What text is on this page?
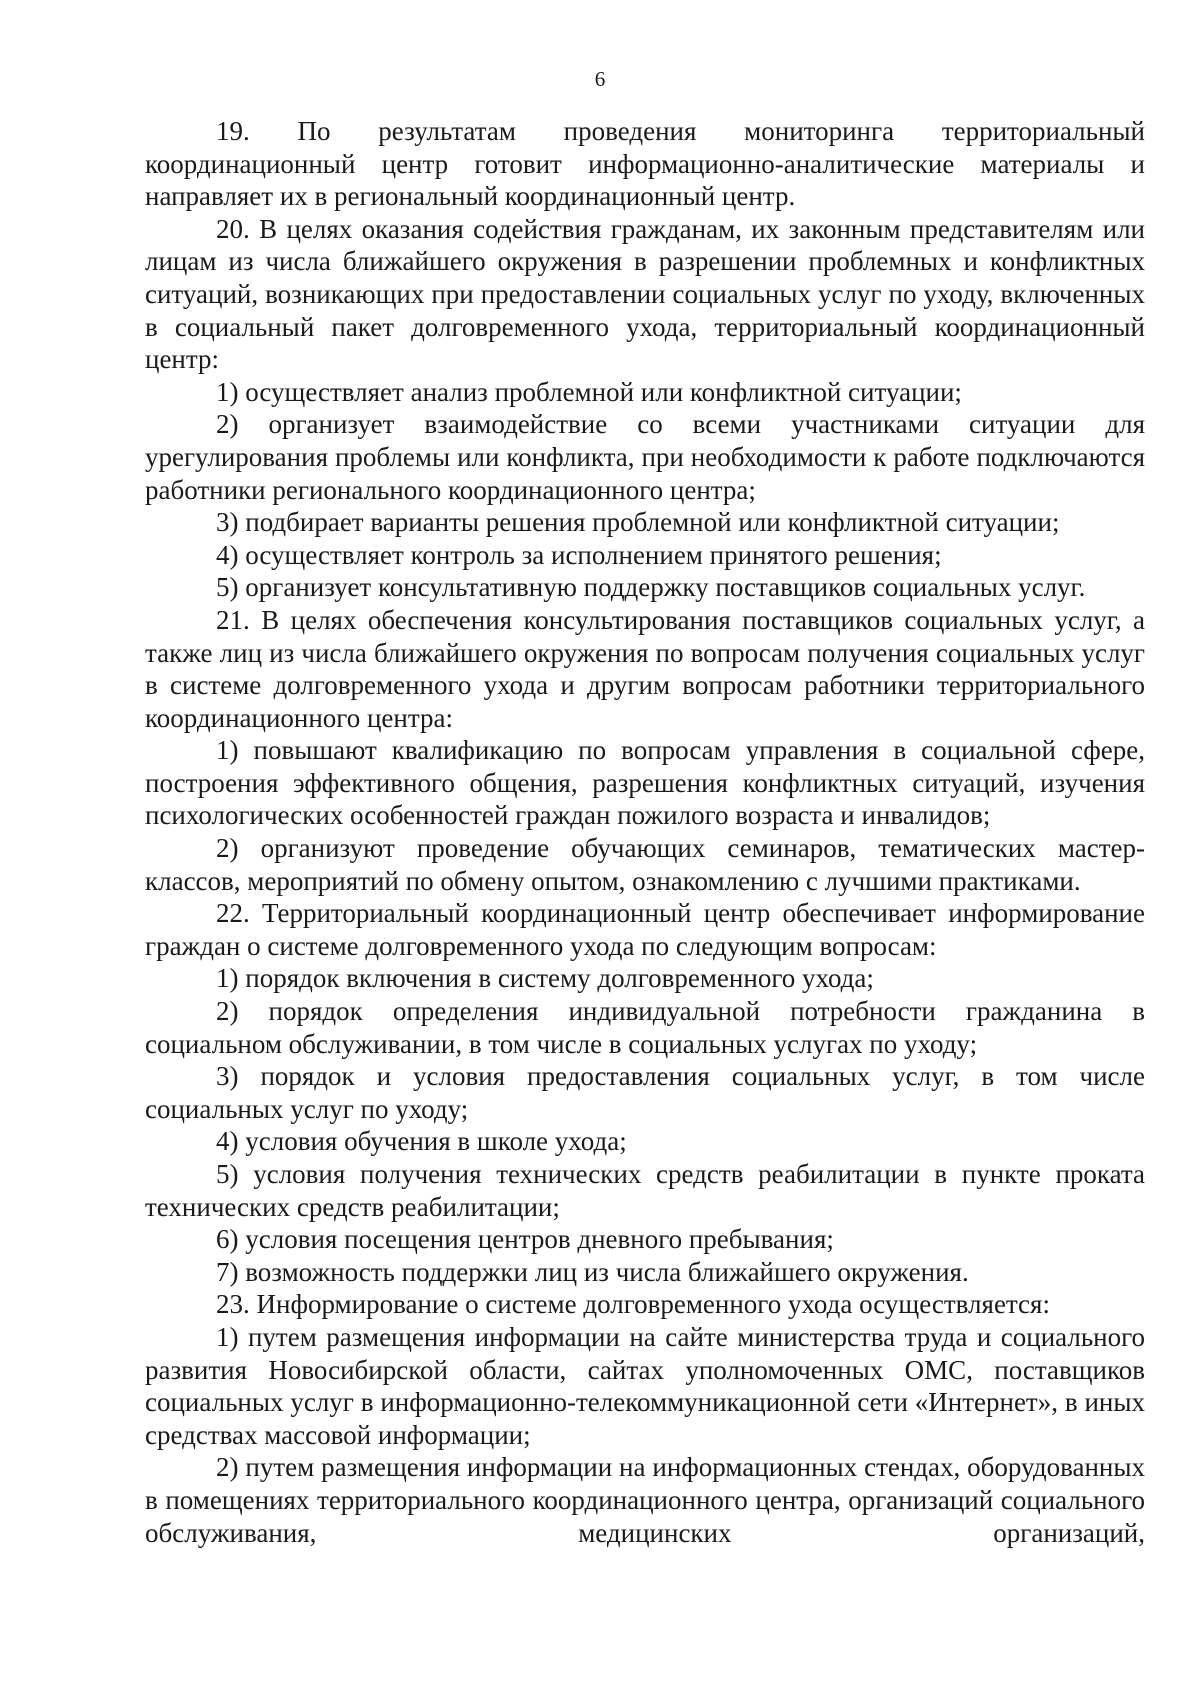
6

19. По результатам проведения мониторинга территориальный координационный центр готовит информационно-аналитические материалы и направляет их в региональный координационный центр.

20. В целях оказания содействия гражданам, их законным представителям или лицам из числа ближайшего окружения в разрешении проблемных и конфликтных ситуаций, возникающих при предоставлении социальных услуг по уходу, включенных в социальный пакет долговременного ухода, территориальный координационный центр:

1) осуществляет анализ проблемной или конфликтной ситуации;

2) организует взаимодействие со всеми участниками ситуации для урегулирования проблемы или конфликта, при необходимости к работе подключаются работники регионального координационного центра;

3) подбирает варианты решения проблемной или конфликтной ситуации;

4) осуществляет контроль за исполнением принятого решения;

5) организует консультативную поддержку поставщиков социальных услуг.

21. В целях обеспечения консультирования поставщиков социальных услуг, а также лиц из числа ближайшего окружения по вопросам получения социальных услуг в системе долговременного ухода и другим вопросам работники территориального координационного центра:

1) повышают квалификацию по вопросам управления в социальной сфере, построения эффективного общения, разрешения конфликтных ситуаций, изучения психологических особенностей граждан пожилого возраста и инвалидов;

2) организуют проведение обучающих семинаров, тематических мастер-классов, мероприятий по обмену опытом, ознакомлению с лучшими практиками.

22. Территориальный координационный центр обеспечивает информирование граждан о системе долговременного ухода по следующим вопросам:

1) порядок включения в систему долговременного ухода;

2) порядок определения индивидуальной потребности гражданина в социальном обслуживании, в том числе в социальных услугах по уходу;

3) порядок и условия предоставления социальных услуг, в том числе социальных услуг по уходу;

4) условия обучения в школе ухода;

5) условия получения технических средств реабилитации в пункте проката технических средств реабилитации;

6) условия посещения центров дневного пребывания;

7) возможность поддержки лиц из числа ближайшего окружения.

23. Информирование о системе долговременного ухода осуществляется:

1) путем размещения информации на сайте министерства труда и социального развития Новосибирской области, сайтах уполномоченных ОМС, поставщиков социальных услуг в информационно-телекоммуникационной сети «Интернет», в иных средствах массовой информации;

2) путем размещения информации на информационных стендах, оборудованных в помещениях территориального координационного центра, организаций социального обслуживания, медицинских организаций,
